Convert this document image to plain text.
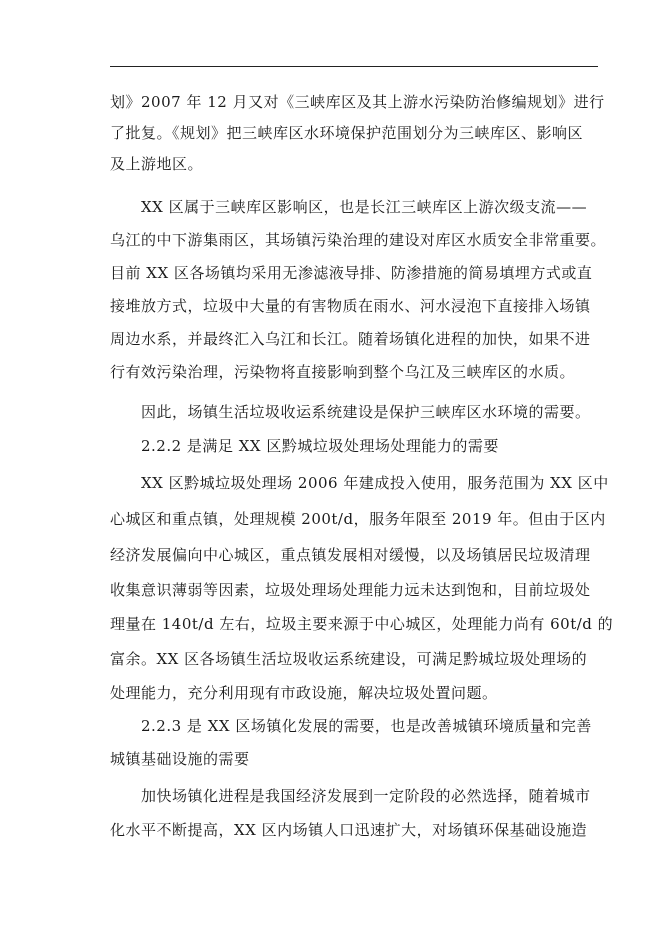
划》2007 年 12 月又对《三峡库区及其上游水污染防治修编规划》进行
了批复。《规划》把三峡库区水环境保护范围划分为三峡库区、影响区
及上游地区。
XX 区属于三峡库区影响区，也是长江三峡库区上游次级支流——
乌江的中下游集雨区，其场镇污染治理的建设对库区水质安全非常重要。
目前 XX 区各场镇均采用无渗滤液导排、防渗措施的简易填埋方式或直
接堆放方式，垃圾中大量的有害物质在雨水、河水浸泡下直接排入场镇
周边水系，并最终汇入乌江和长江。随着场镇化进程的加快，如果不进
行有效污染治理，污染物将直接影响到整个乌江及三峡库区的水质。
因此，场镇生活垃圾收运系统建设是保护三峡库区水环境的需要。
2.2.2 是满足 XX 区黔城垃圾处理场处理能力的需要
XX 区黔城垃圾处理场 2006 年建成投入使用，服务范围为 XX 区中
心城区和重点镇，处理规模 200t/d，服务年限至 2019 年。但由于区内
经济发展偏向中心城区，重点镇发展相对缓慢，以及场镇居民垃圾清理
收集意识薄弱等因素，垃圾处理场处理能力远未达到饱和，目前垃圾处
理量在 140t/d 左右，垃圾主要来源于中心城区，处理能力尚有 60t/d 的
富余。XX 区各场镇生活垃圾收运系统建设，可满足黔城垃圾处理场的
处理能力，充分利用现有市政设施，解决垃圾处置问题。
2.2.3 是 XX 区场镇化发展的需要，也是改善城镇环境质量和完善
城镇基础设施的需要
加快场镇化进程是我国经济发展到一定阶段的必然选择，随着城市
化水平不断提高，XX 区内场镇人口迅速扩大，对场镇环保基础设施造
